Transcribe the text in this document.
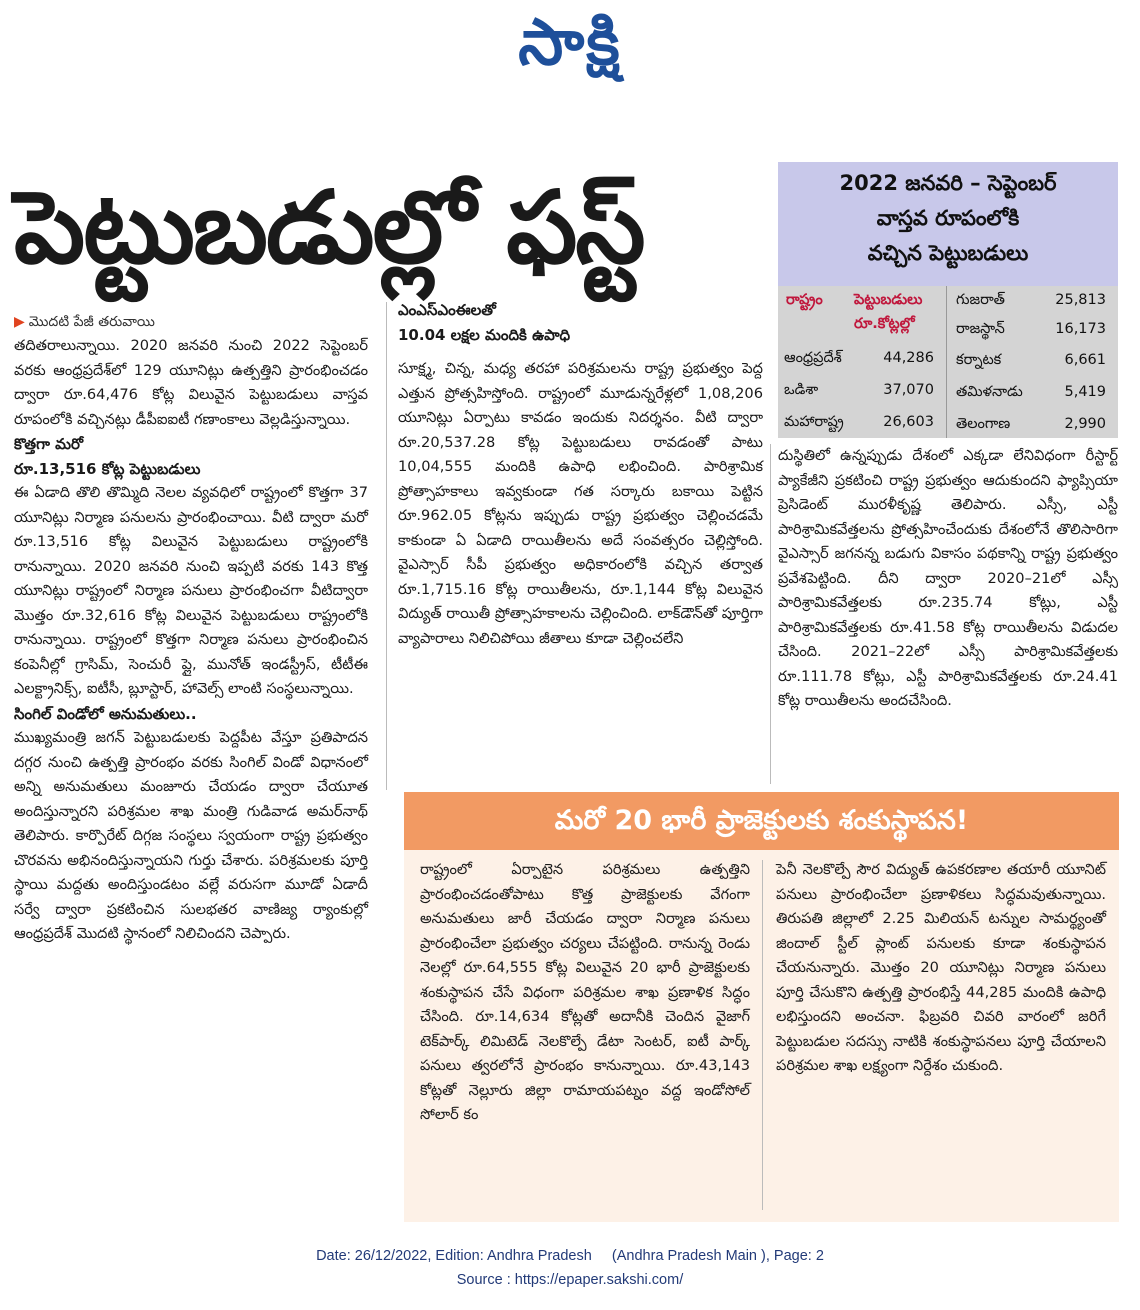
సాక్షి
పెట్టుబడుల్లో ఫస్ట్
▶ మొదటి పేజీ తరువాయి

తదితరాలున్నాయి. 2020 జనవరి నుంచి 2022 సెప్టెంబర్ వరకు ఆంధ్రప్రదేశ్‌లో 129 యూనిట్లు ఉత్పత్తిని ప్రారంభించడం ద్వారా రూ.64,476 కోట్ల విలువైన పెట్టుబడులు వాస్తవ రూపంలోకి వచ్చినట్లు డీపీఐఐటీ గణాంకాలు వెల్లడిస్తున్నాయి.

కొత్తగా మరో
రూ.13,516 కోట్ల పెట్టుబడులు

ఈ ఏడాది తొలి తొమ్మిది నెలల వ్యవధిలో రాష్ట్రంలో కొత్తగా 37 యూనిట్లు నిర్మాణ పనులను ప్రారంభించాయి. వీటి ద్వారా మరో రూ.13,516 కోట్ల విలువైన పెట్టుబడులు రాష్ట్రంలోకి రానున్నాయి. 2020 జనవరి నుంచి ఇప్పటి వరకు 143 కొత్త యూనిట్లు రాష్ట్రంలో నిర్మాణ పనులు ప్రారంభించగా వీటిద్వారా మొత్తం రూ.32,616 కోట్ల విలువైన పెట్టుబడులు రాష్ట్రంలోకి రానున్నాయి. రాష్ట్రంలో కొత్తగా నిర్మాణ పనులు ప్రారంభించిన కంపెనీల్లో గ్రాసిమ్, సెంచురీ ప్లై, మునోత్ ఇండస్ట్రీస్, టీటీఈ ఎలక్ట్రానిక్స్, ఐటీసీ, బ్లూస్టార్, హావెల్స్ లాంటి సంస్థలున్నాయి.

సింగిల్ విండోలో అనుమతులు..

ముఖ్యమంత్రి జగన్ పెట్టుబడులకు పెద్దపీట వేస్తూ ప్రతిపాదన దగ్గర నుంచి ఉత్పత్తి ప్రారంభం వరకు సింగిల్ విండో విధానంలో అన్ని అనుమతులు మంజూరు చేయడం ద్వారా చేయూత అందిస్తున్నారని పరిశ్రమల శాఖ మంత్రి గుడివాడ అమర్‌నాథ్ తెలిపారు. కార్పొరేట్ దిగ్గజ సంస్థలు స్వయంగా రాష్ట్ర ప్రభుత్వం చొరవను అభినందిస్తున్నాయని గుర్తు చేశారు. పరిశ్రమలకు పూర్తి స్థాయి మద్దతు అందిస్తుండటం వల్లే వరుసగా మూడో ఏడాదీ సర్వే ద్వారా ప్రకటించిన సులభతర వాణిజ్య ర్యాంకుల్లో ఆంధ్రప్రదేశ్ మొదటి స్థానంలో నిలిచిందని చెప్పారు.

ఎంఎస్‌ఎంఈలతో
10.04 లక్షల మందికి ఉపాధి

సూక్ష్మ, చిన్న, మధ్య తరహా పరిశ్రమలను రాష్ట్ర ప్రభుత్వం పెద్ద ఎత్తున ప్రోత్సహిస్తోంది. రాష్ట్రంలో మూడున్నరేళ్లలో 1,08,206 యూనిట్లు ఏర్పాటు కావడం ఇందుకు నిదర్శనం. వీటి ద్వారా రూ.20,537.28 కోట్ల పెట్టుబడులు రావడంతో పాటు 10,04,555 మందికి ఉపాధి లభించింది. పారిశ్రామిక ప్రోత్సాహకాలు ఇవ్వకుండా గత సర్కారు బకాయి పెట్టిన రూ.962.05 కోట్లను ఇప్పుడు రాష్ట్ర ప్రభుత్వం చెల్లించడమే కాకుండా ఏ ఏడాది రాయితీలను అదే సంవత్సరం చెల్లిస్తోంది. వైఎస్సార్ సీపీ ప్రభుత్వం అధికారంలోకి వచ్చిన తర్వాత రూ.1,715.16 కోట్ల రాయితీలను, రూ.1,144 కోట్ల విలువైన విద్యుత్ రాయితీ ప్రోత్సాహకాలను చెల్లించింది. లాక్‌డౌన్‌తో పూర్తిగా వ్యాపారాలు నిలిచిపోయి జీతాలు కూడా చెల్లించలేని

2022 జనవరి – సెప్టెంబర్
వాస్తవ రూపంలోకి
వచ్చిన పెట్టుబడులు
రాష్ట్రం పెట్టుబడులు
రూ.కోట్లల్లో
ఆంధ్రప్రదేశ్	44,286
ఒడిశా	37,070
మహారాష్ట్ర	26,603
గుజరాత్	25,813
రాజస్థాన్	16,173
కర్నాటక	6,661
తమిళనాడు	5,419
తెలంగాణ	2,990

దుస్థితిలో ఉన్నప్పుడు దేశంలో ఎక్కడా లేనివిధంగా రీస్టార్ట్ ప్యాకేజీని ప్రకటించి రాష్ట్ర ప్రభుత్వం ఆదుకుందని ఫ్యాప్సియా ప్రెసిడెంట్ మురళీకృష్ణ తెలిపారు. ఎస్సీ, ఎస్టీ పారిశ్రామికవేత్తలను ప్రోత్సహించేందుకు దేశంలోనే తొలిసారిగా వైఎస్సార్ జగనన్న బడుగు వికాసం పథకాన్ని రాష్ట్ర ప్రభుత్వం ప్రవేశపెట్టింది. దీని ద్వారా 2020–21లో ఎస్సీ పారిశ్రామికవేత్తలకు రూ.235.74 కోట్లు, ఎస్టీ పారిశ్రామికవేత్తలకు రూ.41.58 కోట్ల రాయితీలను విడుదల చేసింది. 2021–22లో ఎస్సీ పారిశ్రామికవేత్తలకు రూ.111.78 కోట్లు, ఎస్టీ పారిశ్రామికవేత్తలకు రూ.24.41 కోట్ల రాయితీలను అందచేసింది.

మరో 20 భారీ ప్రాజెక్టులకు శంకుస్థాపన!

రాష్ట్రంలో ఏర్పాటైన పరిశ్రమలు ఉత్పత్తిని ప్రారంభించడంతోపాటు కొత్త ప్రాజెక్టులకు వేగంగా అనుమతులు జారీ చేయడం ద్వారా నిర్మాణ పనులు ప్రారంభించేలా ప్రభుత్వం చర్యలు చేపట్టింది. రానున్న రెండు నెలల్లో రూ.64,555 కోట్ల విలువైన 20 భారీ ప్రాజెక్టులకు శంకుస్థాపన చేసే విధంగా పరిశ్రమల శాఖ ప్రణాళిక సిద్ధం చేసింది. రూ.14,634 కోట్లతో అదానీకి చెందిన వైజాగ్ టెక్‌పార్క్ లిమిటెడ్ నెలకొల్పే డేటా సెంటర్, ఐటీ పార్క్ పనులు త్వరలోనే ప్రారంభం కానున్నాయి. రూ.43,143 కోట్లతో నెల్లూరు జిల్లా రామాయపట్నం వద్ద ఇండోసోల్ సోలార్ కం

పెనీ నెలకొల్పే సౌర విద్యుత్ ఉపకరణాల తయారీ యూనిట్ పనులు ప్రారంభించేలా ప్రణాళికలు సిద్ధమవుతున్నాయి. తిరుపతి జిల్లాలో 2.25 మిలియన్ టన్నుల సామర్థ్యంతో జిందాల్ స్టీల్ ప్లాంట్ పనులకు కూడా శంకుస్థాపన చేయనున్నారు. మొత్తం 20 యూనిట్లు నిర్మాణ పనులు పూర్తి చేసుకొని ఉత్పత్తి ప్రారంభిస్తే 44,285 మందికి ఉపాధి లభిస్తుందని అంచనా. ఫిబ్రవరి చివరి వారంలో జరిగే పెట్టుబడుల సదస్సు నాటికి శంకుస్థాపనలు పూర్తి చేయాలని పరిశ్రమల శాఖ లక్ష్యంగా నిర్దేశం చుకుంది.

Date: 26/12/2022, Edition: Andhra Pradesh     (Andhra Pradesh Main ), Page: 2
Source : https://epaper.sakshi.com/
